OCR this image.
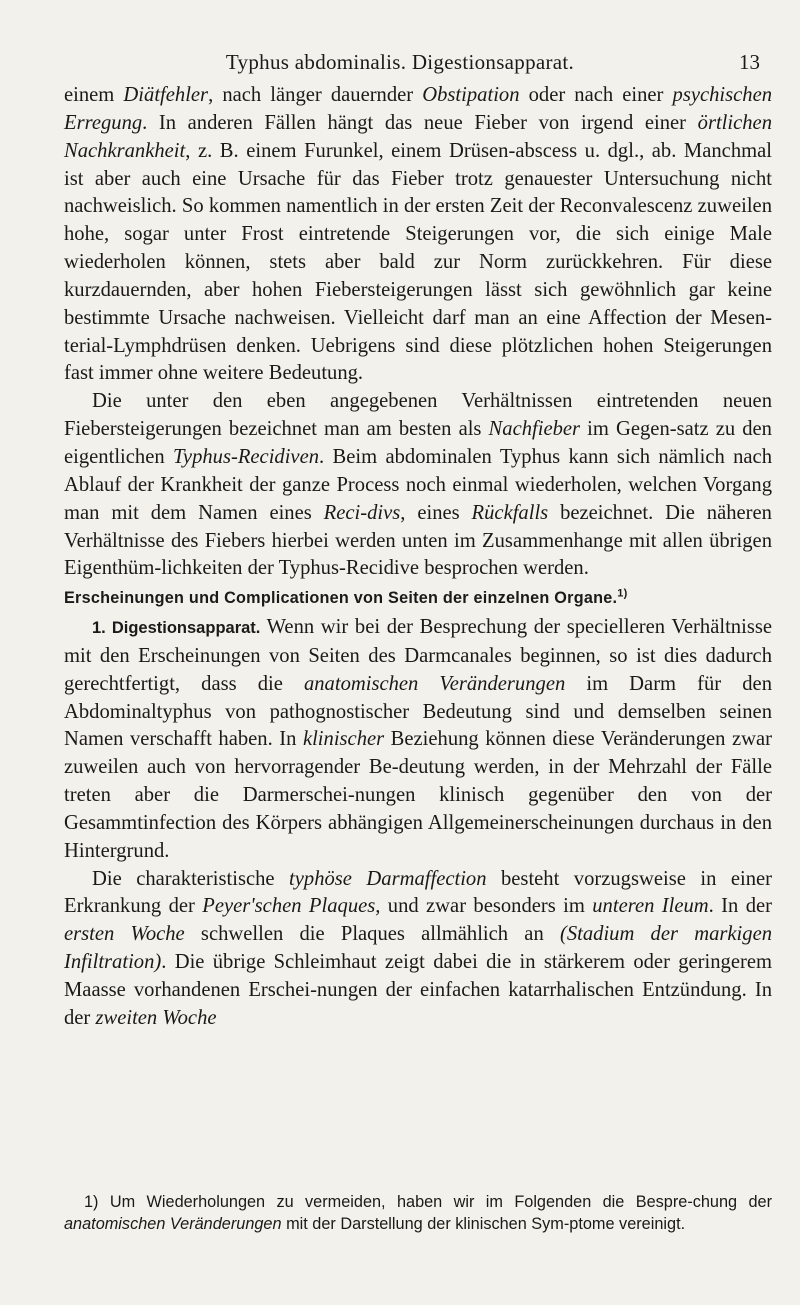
Typhus abdominalis. Digestionsapparat.	13

einem Diätfehler, nach länger dauernder Obstipation oder nach einer psychischen Erregung. In anderen Fällen hängt das neue Fieber von irgend einer örtlichen Nachkrankheit, z. B. einem Furunkel, einem Drüsen-abscess u. dgl., ab. Manchmal ist aber auch eine Ursache für das Fieber trotz genauester Untersuchung nicht nachweislich. So kommen namentlich in der ersten Zeit der Reconvalescenz zuweilen hohe, sogar unter Frost eintretende Steigerungen vor, die sich einige Male wiederholen können, stets aber bald zur Norm zurückkehren. Für diese kurzdauernden, aber hohen Fiebersteigerungen lässt sich gewöhnlich gar keine bestimmte Ursache nachweisen. Vielleicht darf man an eine Affection der Mesen-terial-Lymphdrüsen denken. Uebrigens sind diese plötzlichen hohen Steigerungen fast immer ohne weitere Bedeutung.

Die unter den eben angegebenen Verhältnissen eintretenden neuen Fiebersteigerungen bezeichnet man am besten als Nachfieber im Gegen-satz zu den eigentlichen Typhus-Recidiven. Beim abdominalen Typhus kann sich nämlich nach Ablauf der Krankheit der ganze Process noch einmal wiederholen, welchen Vorgang man mit dem Namen eines Reci-divs, eines Rückfalls bezeichnet. Die näheren Verhältnisse des Fiebers hierbei werden unten im Zusammenhange mit allen übrigen Eigenthüm-lichkeiten der Typhus-Recidive besprochen werden.

Erscheinungen und Complicationen von Seiten der einzelnen Organe.$^{1)}$

1. Digestionsapparat. Wenn wir bei der Besprechung der specielleren Verhältnisse mit den Erscheinungen von Seiten des Darmcanales beginnen, so ist dies dadurch gerechtfertigt, dass die anatomischen Veränderungen im Darm für den Abdominaltyphus von pathognostischer Bedeutung sind und demselben seinen Namen verschafft haben. In klinischer Beziehung können diese Veränderungen zwar zuweilen auch von hervorragender Be-deutung werden, in der Mehrzahl der Fälle treten aber die Darmerschei-nungen klinisch gegenüber den von der Gesammtinfection des Körpers abhängigen Allgemeinerscheinungen durchaus in den Hintergrund.

Die charakteristische typhöse Darmaffection besteht vorzugsweise in einer Erkrankung der Peyer'schen Plaques, und zwar besonders im unteren Ileum. In der ersten Woche schwellen die Plaques allmählich an (Stadium der markigen Infiltration). Die übrige Schleimhaut zeigt dabei die in stärkerem oder geringerem Maasse vorhandenen Erschei-nungen der einfachen katarrhalischen Entzündung. In der zweiten Woche

1) Um Wiederholungen zu vermeiden, haben wir im Folgenden die Bespre-chung der anatomischen Veränderungen mit der Darstellung der klinischen Sym-ptome vereinigt.
